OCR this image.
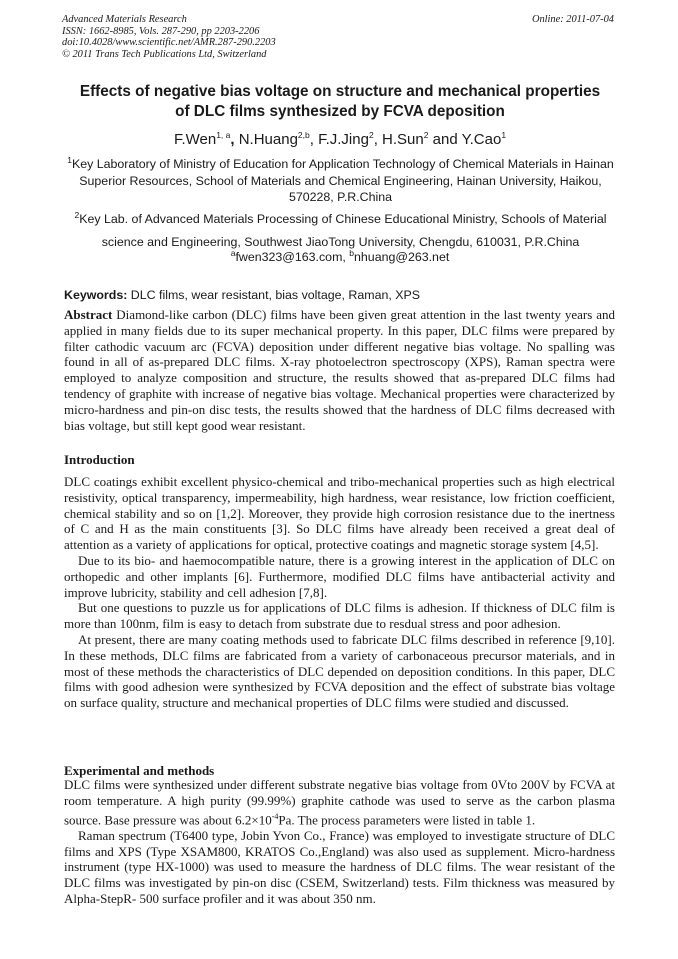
Advanced Materials Research
ISSN: 1662-8985, Vols. 287-290, pp 2203-2206
doi:10.4028/www.scientific.net/AMR.287-290.2203
© 2011 Trans Tech Publications Ltd, Switzerland
Online: 2011-07-04
Effects of negative bias voltage on structure and mechanical properties
of DLC films synthesized by FCVA deposition
F.Wen$^{1, a}$, N.Huang$^{2,b}$, F.J.Jing$^2$, H.Sun$^2$ and Y.Cao$^1$
$^1$Key Laboratory of Ministry of Education for Application Technology of Chemical Materials in Hainan Superior Resources, School of Materials and Chemical Engineering, Hainan University, Haikou, 570228, P.R.China
$^2$Key Lab. of Advanced Materials Processing of Chinese Educational Ministry, Schools of Material science and Engineering, Southwest JiaoTong University, Chengdu, 610031, P.R.China
$^a$fwen323@163.com, $^b$nhuang@263.net
Keywords: DLC films, wear resistant, bias voltage, Raman, XPS

Abstract Diamond-like carbon (DLC) films have been given great attention in the last twenty years and applied in many fields due to its super mechanical property. In this paper, DLC films were prepared by filter cathodic vacuum arc (FCVA) deposition under different negative bias voltage. No spalling was found in all of as-prepared DLC films. X-ray photoelectron spectroscopy (XPS), Raman spectra were employed to analyze composition and structure, the results showed that as-prepared DLC films had tendency of graphite with increase of negative bias voltage. Mechanical properties were characterized by micro-hardness and pin-on disc tests, the results showed that the hardness of DLC films decreased with bias voltage, but still kept good wear resistant.

Introduction

DLC coatings exhibit excellent physico-chemical and tribo-mechanical properties such as high electrical resistivity, optical transparency, impermeability, high hardness, wear resistance, low friction coefficient, chemical stability and so on [1,2]. Moreover, they provide high corrosion resistance due to the inertness of C and H as the main constituents [3]. So DLC films have already been received a great deal of attention as a variety of applications for optical, protective coatings and magnetic storage system [4,5].

Due to its bio- and haemocompatible nature, there is a growing interest in the application of DLC on orthopedic and other implants [6]. Furthermore, modified DLC films have antibacterial activity and improve lubricity, stability and cell adhesion [7,8].

But one questions to puzzle us for applications of DLC films is adhesion. If thickness of DLC film is more than 100nm, film is easy to detach from substrate due to resdual stress and poor adhesion.

At present, there are many coating methods used to fabricate DLC films described in reference [9,10]. In these methods, DLC films are fabricated from a variety of carbonaceous precursor materials, and in most of these methods the characteristics of DLC depended on deposition conditions. In this paper, DLC films with good adhesion were synthesized by FCVA deposition and the effect of substrate bias voltage on surface quality, structure and mechanical properties of DLC films were studied and discussed.

Experimental and methods

DLC films were synthesized under different substrate negative bias voltage from 0Vto 200V by FCVA at room temperature. A high purity (99.99%) graphite cathode was used to serve as the carbon plasma source. Base pressure was about $6.2\times 10^{-4}Pa$. The process parameters were listed in table 1.

Raman spectrum (T6400 type, Jobin Yvon Co., France) was employed to investigate structure of DLC films and XPS (Type XSAM800, KRATOS Co.,England) was also used as supplement. Micro-hardness instrument (type HX-1000) was used to measure the hardness of DLC films. The wear resistant of the DLC films was investigated by pin-on disc (CSEM, Switzerland) tests. Film thickness was measured by Alpha-StepR- 500 surface profiler and it was about 350 nm.
